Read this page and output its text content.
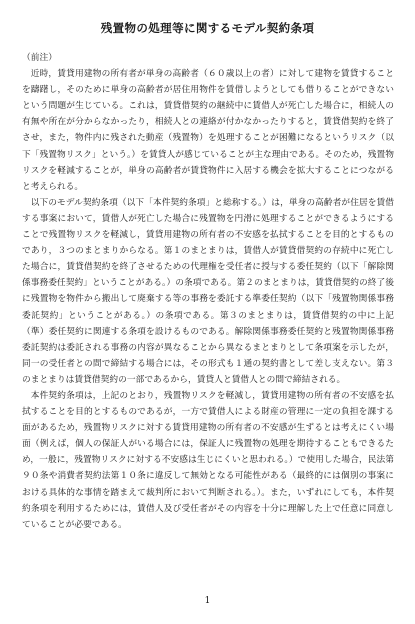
残置物の処理等に関するモデル契約条項

（前注）

近時，賃貸用建物の所有者が単身の高齢者（６０歳以上の者）に対して建物を賃貸することを躊躇し，そのために単身の高齢者が居住用物件を賃借しようとしても借りることができないという問題が生じている。これは，賃貸借契約の継続中に賃借人が死亡した場合に，相続人の有無や所在が分からなかったり，相続人との連絡が付かなかったりすると，賃貸借契約を終了させ，また，物件内に残された動産（残置物）を処理することが困難になるというリスク（以下「残置物リスク」という。）を賃貸人が感じていることが主な理由である。そのため，残置物リスクを軽減することが，単身の高齢者が賃貸物件に入居する機会を拡大することにつながると考えられる。

以下のモデル契約条項（以下「本件契約条項」と総称する。）は，単身の高齢者が住居を賃借する事案において，賃借人が死亡した場合に残置物を円滑に処理することができるようにすることで残置物リスクを軽減し，賃貸用建物の所有者の不安感を払拭することを目的とするものであり，３つのまとまりからなる。第１のまとまりは，賃借人が賃貸借契約の存続中に死亡した場合に，賃貸借契約を終了させるための代理権を受任者に授与する委任契約（以下「解除関係事務委任契約」ということがある。）の条項である。第２のまとまりは，賃貸借契約の終了後に残置物を物件から搬出して廃棄する等の事務を委託する準委任契約（以下「残置物関係事務委託契約」ということがある。）の条項である。第３のまとまりは，賃貸借契約の中に上記（準）委任契約に関連する条項を設けるものである。解除関係事務委任契約と残置物関係事務委託契約は委託される事務の内容が異なることから異なるまとまりとして条項案を示したが，同一の受任者との間で締結する場合には，その形式も１通の契約書として差し支えない。第３のまとまりは賃貸借契約の一部であるから，賃貸人と賃借人との間で締結される。

本件契約条項は，上記のとおり，残置物リスクを軽減し，賃貸用建物の所有者の不安感を払拭することを目的とするものであるが，一方で賃借人による財産の管理に一定の負担を課する面があるため，残置物リスクに対する賃貸用建物の所有者の不安感が生ずるとは考えにくい場面（例えば，個人の保証人がいる場合には，保証人に残置物の処理を期待することもできるため，一般に，残置物リスクに対する不安感は生じにくいと思われる。）で使用した場合，民法第９０条や消費者契約法第１０条に違反して無効となる可能性がある（最終的には個別の事案における具体的な事情を踏まえて裁判所において判断される。）。また，いずれにしても，本件契約条項を利用するためには，賃借人及び受任者がその内容を十分に理解した上で任意に同意していることが必要である。

1
